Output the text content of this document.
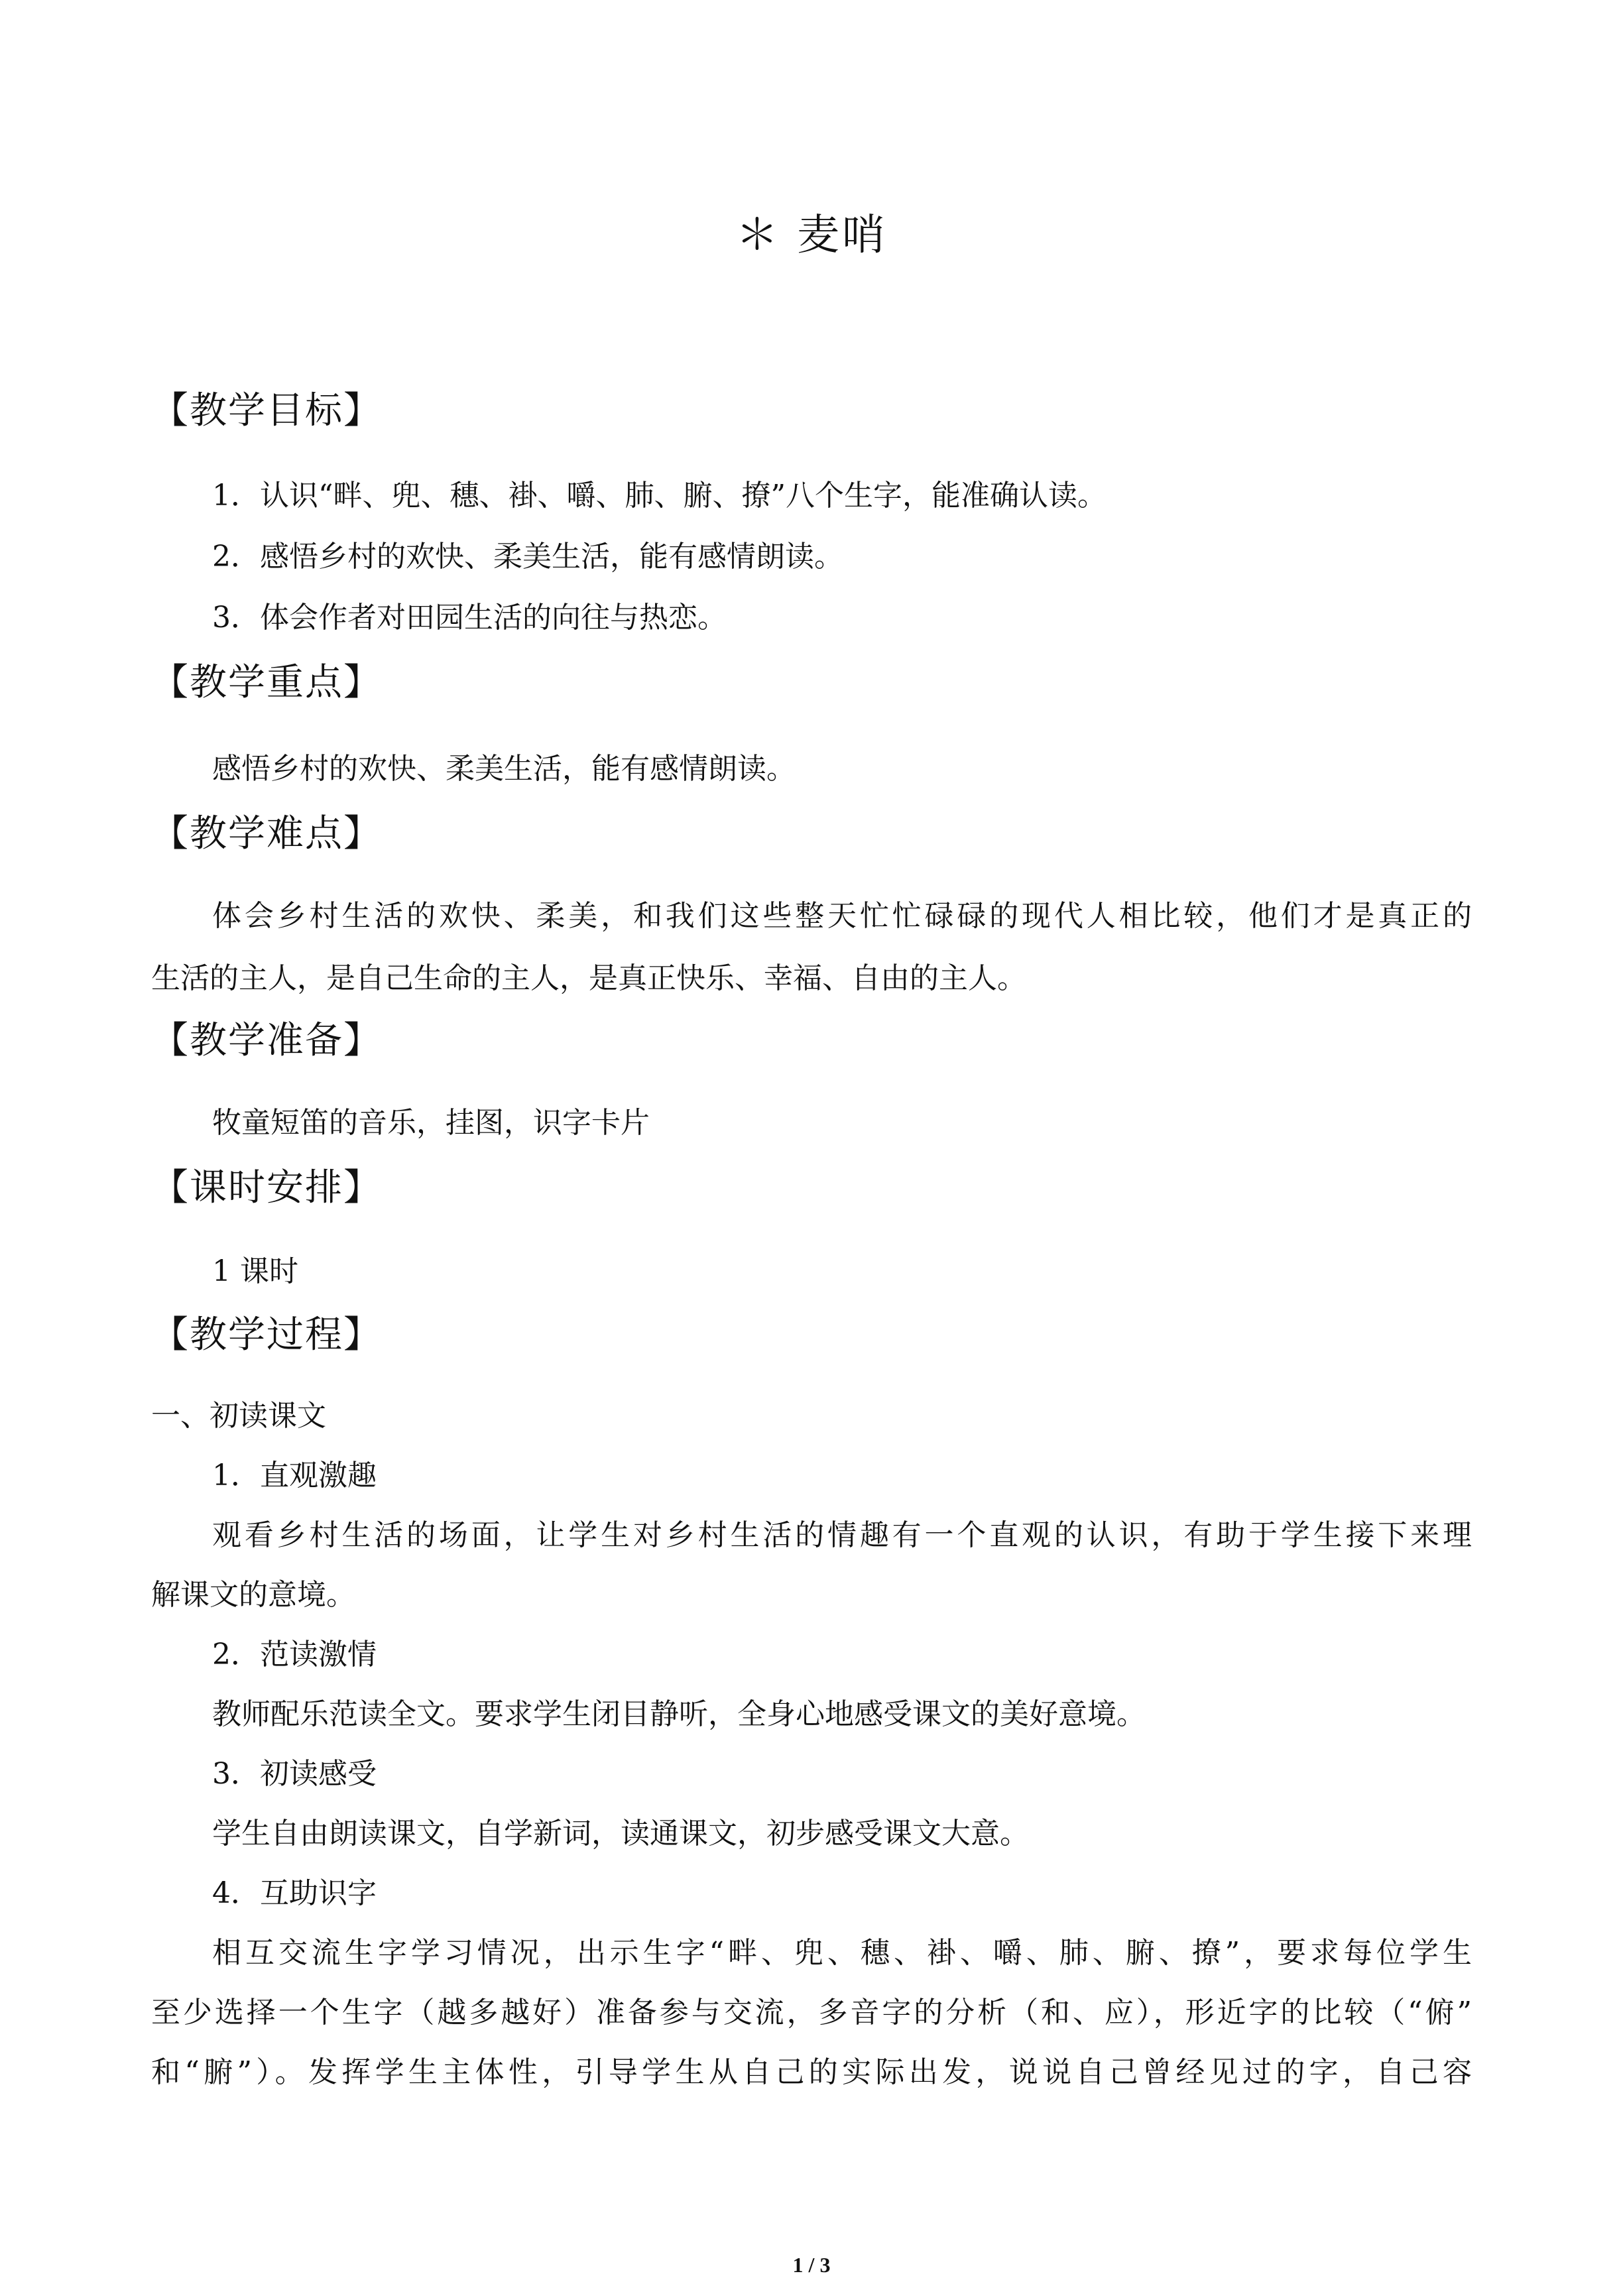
＊ 麦哨
【教学目标】
1．认识“畔、兜、穗、褂、嚼、肺、腑、撩”八个生字，能准确认读。
2．感悟乡村的欢快、柔美生活，能有感情朗读。
3．体会作者对田园生活的向往与热恋。
【教学重点】
感悟乡村的欢快、柔美生活，能有感情朗读。
【教学难点】
体会乡村生活的欢快、柔美，和我们这些整天忙忙碌碌的现代人相比较，他们才是真正的
生活的主人，是自己生命的主人，是真正快乐、幸福、自由的主人。
【教学准备】
牧童短笛的音乐，挂图，识字卡片
【课时安排】
1 课时
【教学过程】
一、初读课文
1．直观激趣
观看乡村生活的场面，让学生对乡村生活的情趣有一个直观的认识，有助于学生接下来理
解课文的意境。
2．范读激情
教师配乐范读全文。要求学生闭目静听，全身心地感受课文的美好意境。
3．初读感受
学生自由朗读课文，自学新词，读通课文，初步感受课文大意。
4．互助识字
相互交流生字学习情况，出示生字“畔、兜、穗、褂、嚼、肺、腑、撩”，要求每位学生
至少选择一个生字（越多越好）准备参与交流，多音字的分析（和、应），形近字的比较（“俯”
和“腑”）。发挥学生主体性，引导学生从自己的实际出发，说说自己曾经见过的字，自己容
1 / 3
